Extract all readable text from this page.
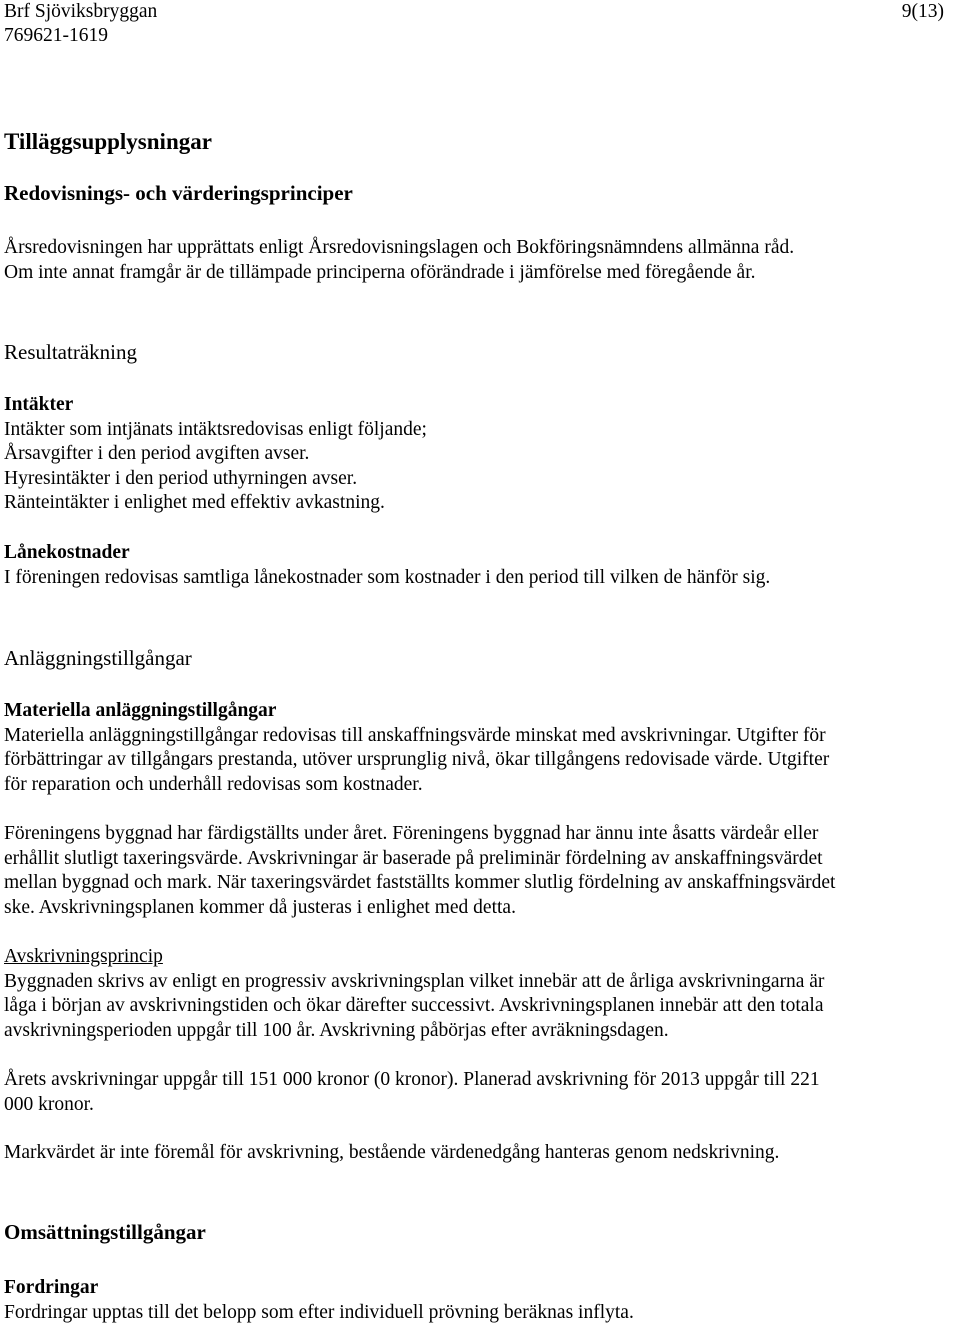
Brf Sjöviksbryggan	9(13)
769621-1619
Tilläggsupplysningar
Redovisnings- och värderingsprinciper

Årsredovisningen har upprättats enligt Årsredovisningslagen och Bokföringsnämndens allmänna råd.

Om inte annat framgår är de tillämpade principerna oförändrade i jämförelse med föregående år.

Resultaträkning

Intäkter

Intäkter som intjänats intäktsredovisas enligt följande;

Årsavgifter i den period avgiften avser.

Hyresintäkter i den period uthyrningen avser.

Ränteintäkter i enlighet med effektiv avkastning.

Lånekostnader

I föreningen redovisas samtliga lånekostnader som kostnader i den period till vilken de hänför sig.

Anläggningstillgångar

Materiella anläggningstillgångar

Materiella anläggningstillgångar redovisas till anskaffningsvärde minskat med avskrivningar. Utgifter för

förbättringar av tillgångars prestanda, utöver ursprunglig nivå, ökar tillgångens redovisade värde. Utgifter

för reparation och underhåll redovisas som kostnader.

Föreningens byggnad har färdigställts under året. Föreningens byggnad har ännu inte åsatts värdeår eller

erhållit slutligt taxeringsvärde. Avskrivningar är baserade på preliminär fördelning av anskaffningsvärdet

mellan byggnad och mark. När taxeringsvärdet fastställts kommer slutlig fördelning av anskaffningsvärdet

ske. Avskrivningsplanen kommer då justeras i enlighet med detta.

Avskrivningsprincip

Byggnaden skrivs av enligt en progressiv avskrivningsplan vilket innebär att de årliga avskrivningarna är

låga i början av avskrivningstiden och ökar därefter successivt. Avskrivningsplanen innebär att den totala

avskrivningsperioden uppgår till 100 år. Avskrivning påbörjas efter avräkningsdagen.

Årets avskrivningar uppgår till 151 000 kronor (0 kronor). Planerad avskrivning för 2013 uppgår till 221

000 kronor.

Markvärdet är inte föremål för avskrivning, bestående värdenedgång hanteras genom nedskrivning.
Omsättningstillgångar

Fordringar

Fordringar upptas till det belopp som efter individuell prövning beräknas inflyta.
